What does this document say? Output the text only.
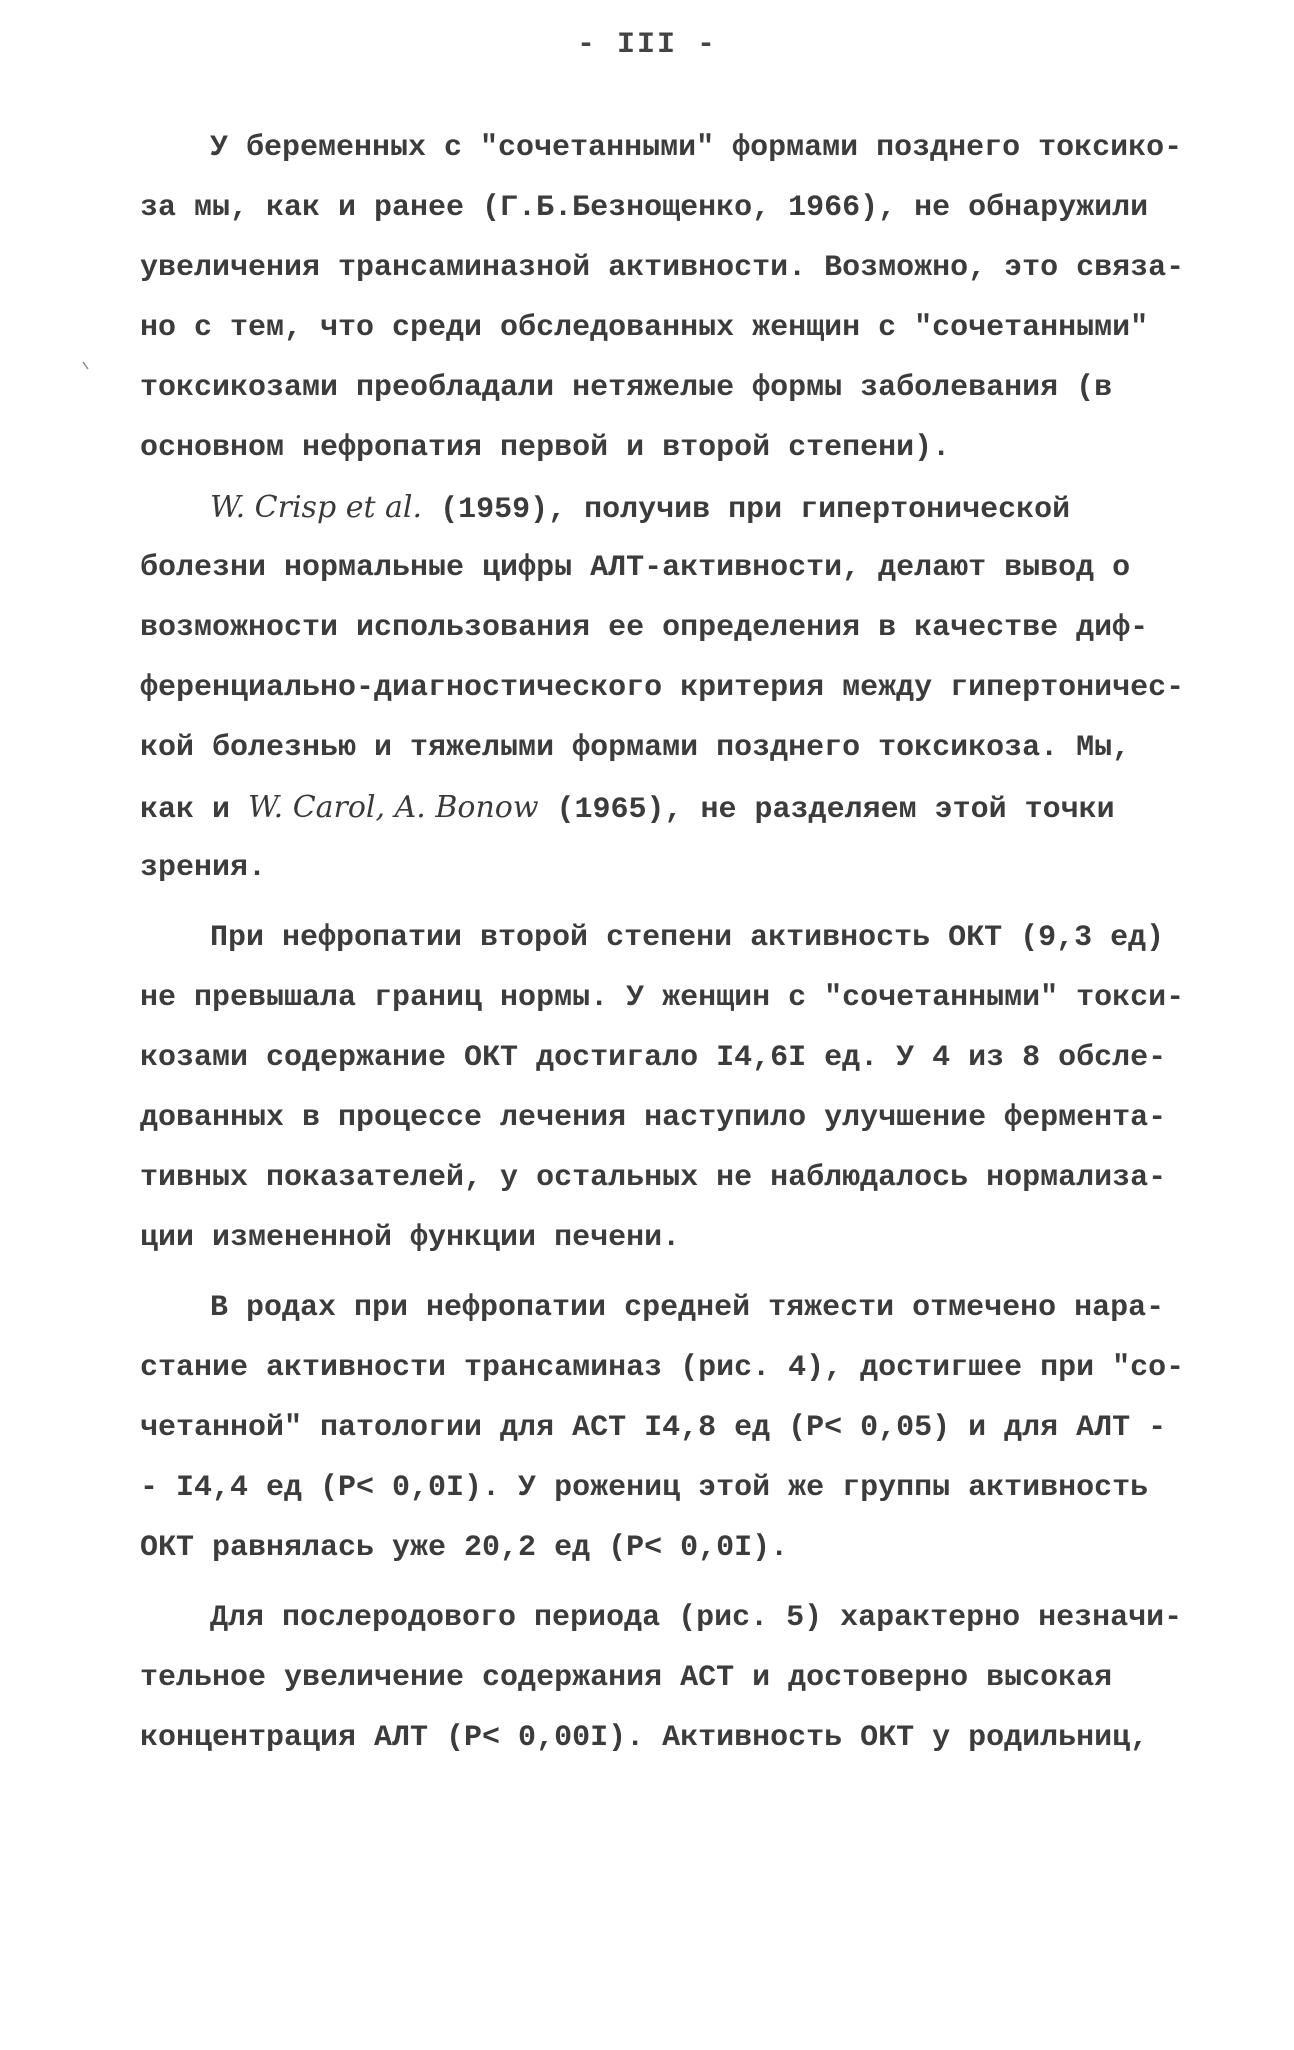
- III -
У беременных с "сочетанными" формами позднего токсико-
за мы, как и ранее (Г.Б.Безнощенко, 1966), не обнаружили
увеличения трансаминазной активности. Возможно, это связа-
но с тем, что среди обследованных женщин с "сочетанными"
токсикозами преобладали нетяжелые формы заболевания (в
основном нефропатия первой и второй степени).
W. Crisp et al. (1959), получив при гипертонической
болезни нормальные цифры АЛТ-активности, делают вывод о
возможности использования ее определения в качестве диф-
ференциально-диагностического критерия между гипертоничес-
кой болезнью и тяжелыми формами позднего токсикоза. Мы,
как и W. Carol, A. Bonow (1965), не разделяем этой точки
зрения.
При нефропатии второй степени активность ОКТ (9,3 ед)
не превышала границ нормы. У женщин с "сочетанными" токси-
козами содержание ОКТ достигало I4,6I ед. У 4 из 8 обсле-
дованных в процессе лечения наступило улучшение фермента-
тивных показателей, у остальных не наблюдалось нормализа-
ции измененной функции печени.
В родах при нефропатии средней тяжести отмечено нара-
стание активности трансаминаз (рис. 4), достигшее при "со-
четанной" патологии для АСТ I4,8 ед (P< 0,05) и для АЛТ -
- I4,4 ед (P< 0,0I). У рожениц этой же группы активность
ОКТ равнялась уже 20,2 ед (P< 0,0I).
Для послеродового периода (рис. 5) характерно незначи-
тельное увеличение содержания АСТ и достоверно высокая
концентрация АЛТ (P< 0,00I). Активность ОКТ у родильниц,
